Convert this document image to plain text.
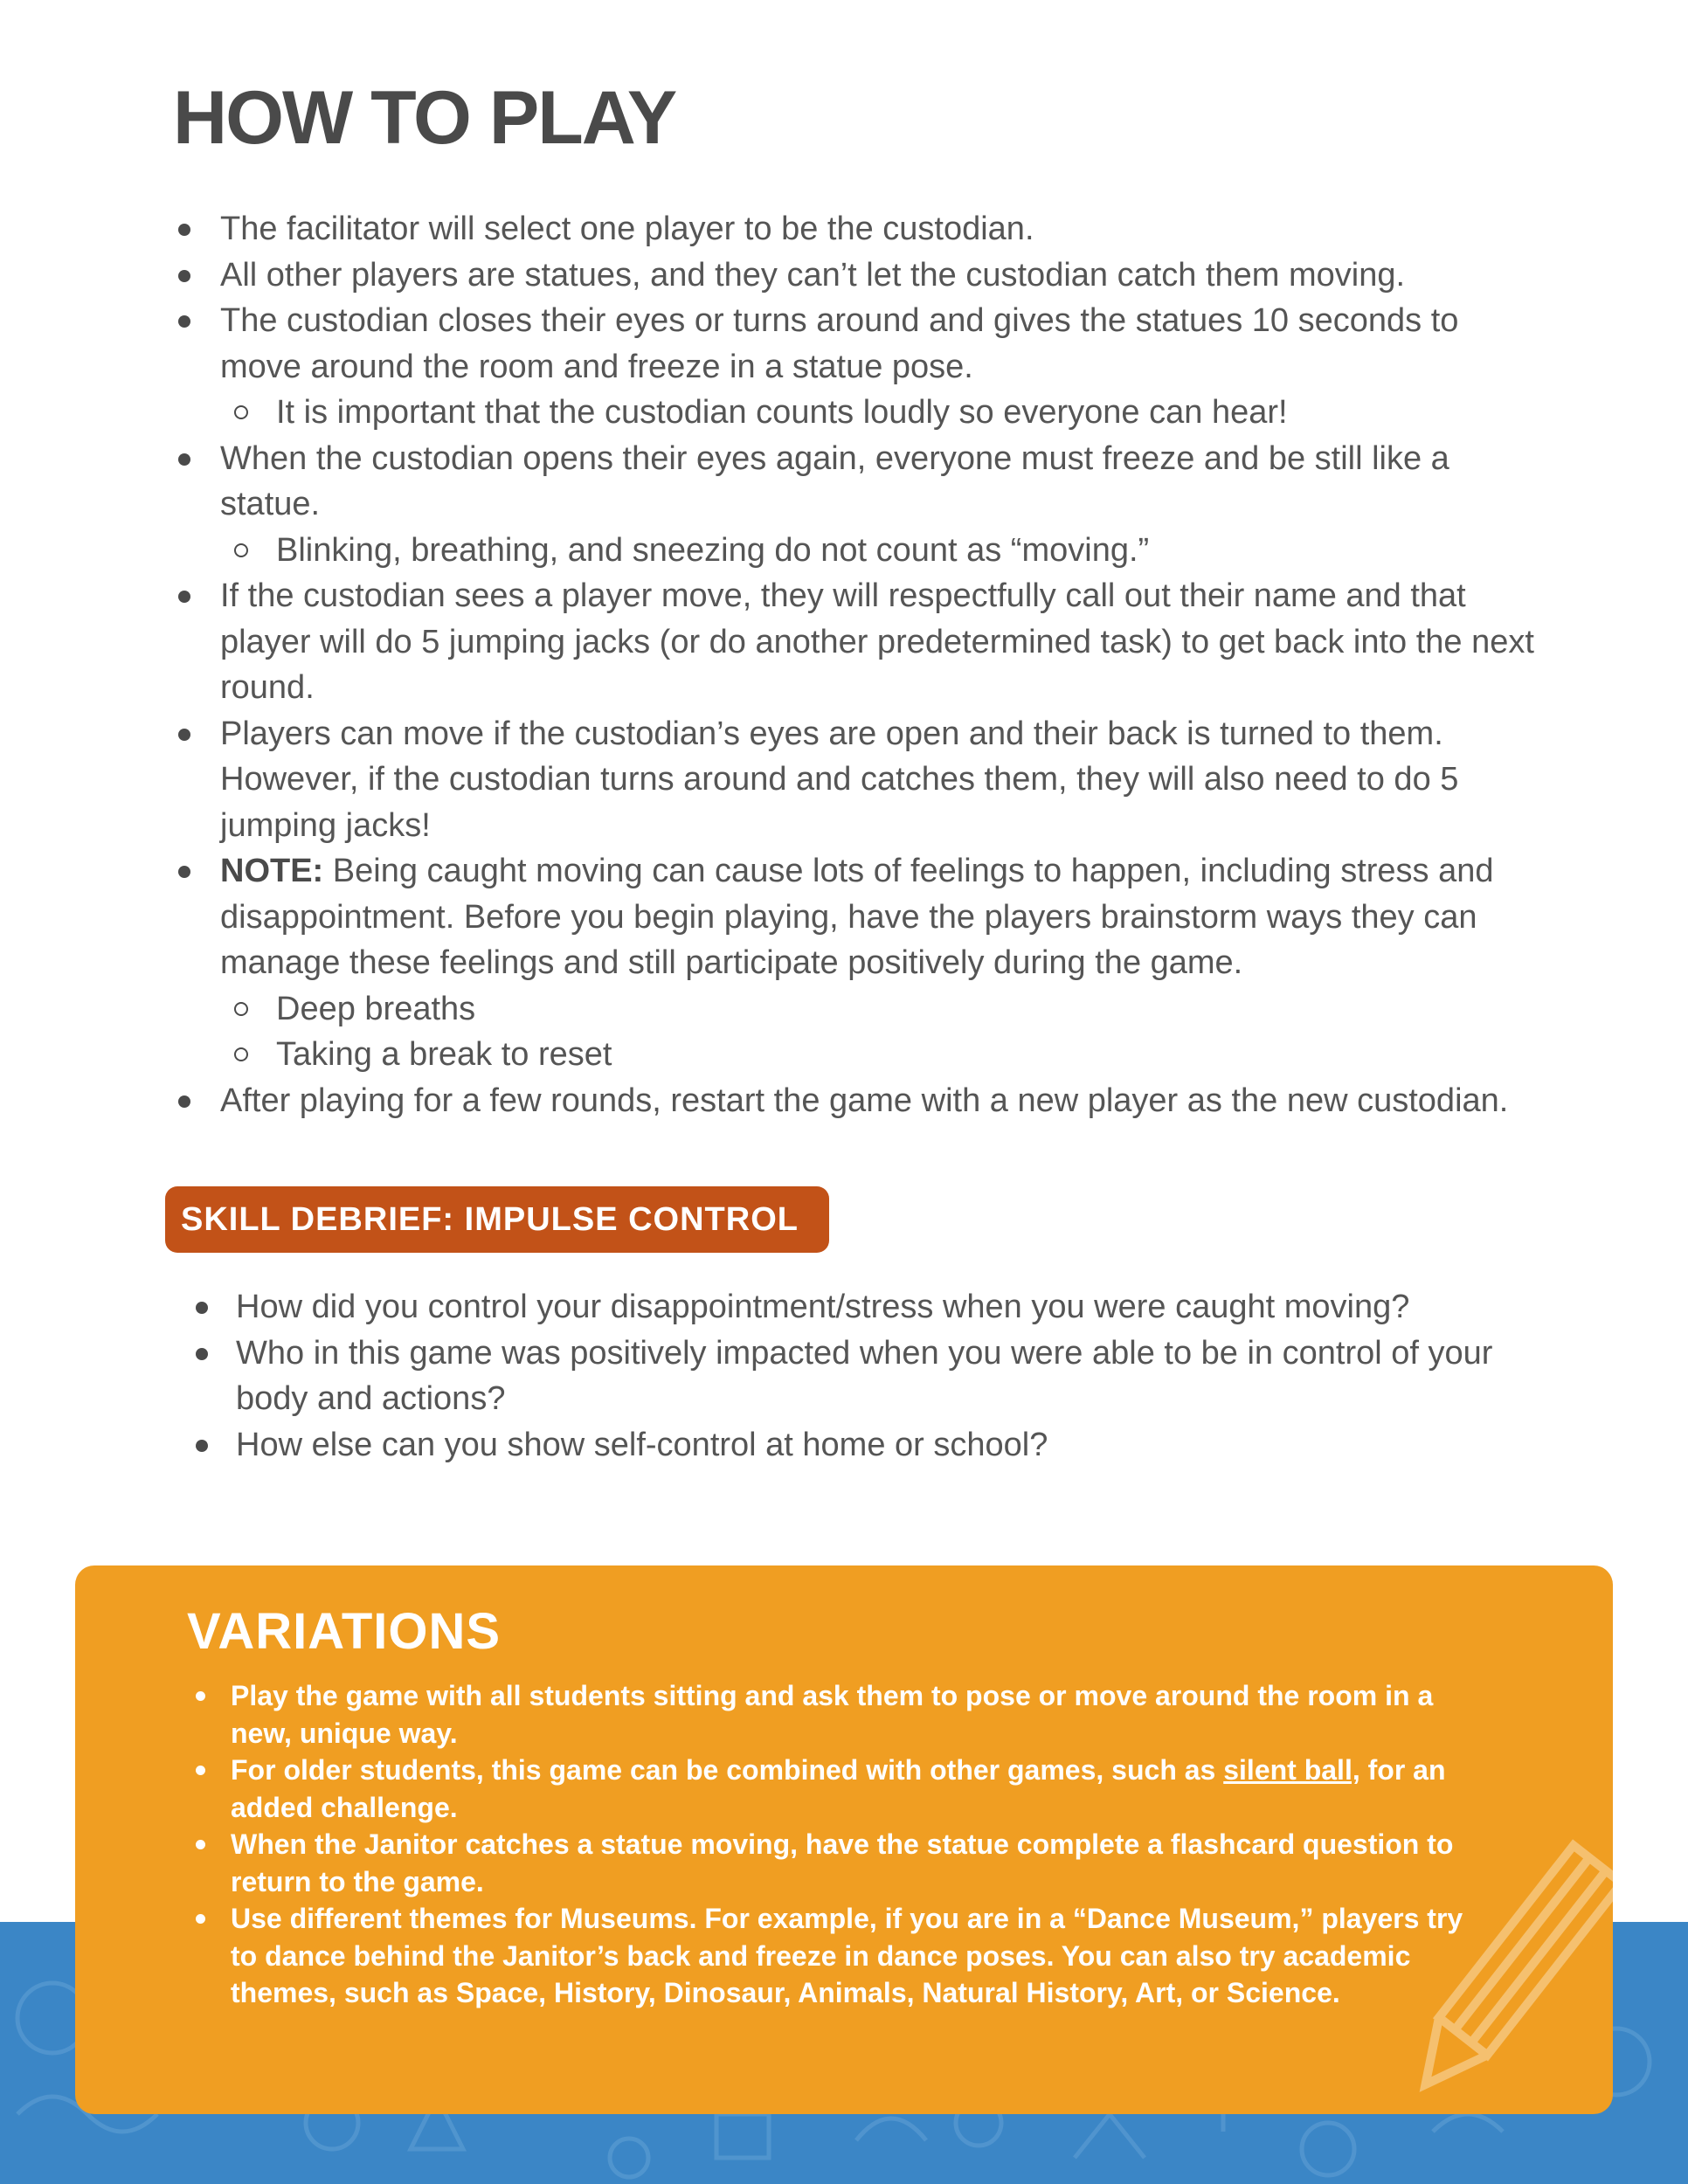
HOW TO PLAY
The facilitator will select one player to be the custodian.
All other players are statues, and they can’t let the custodian catch them moving.
The custodian closes their eyes or turns around and gives the statues 10 seconds to move around the room and freeze in a statue pose.
It is important that the custodian counts loudly so everyone can hear!
When the custodian opens their eyes again, everyone must freeze and be still like a statue.
Blinking, breathing, and sneezing do not count as “moving.”
If the custodian sees a player move, they will respectfully call out their name and that player will do 5 jumping jacks (or do another predetermined task) to get back into the next round.
Players can move if the custodian’s eyes are open and their back is turned to them. However, if the custodian turns around and catches them, they will also need to do 5 jumping jacks!
NOTE: Being caught moving can cause lots of feelings to happen, including stress and disappointment. Before you begin playing, have the players brainstorm ways they can manage these feelings and still participate positively during the game.
Deep breaths
Taking a break to reset
After playing for a few rounds, restart the game with a new player as the new custodian.
SKILL DEBRIEF: IMPULSE CONTROL
How did you control your disappointment/stress when you were caught moving?
Who in this game was positively impacted when you were able to be in control of your body and actions?
How else can you show self-control at home or school?
VARIATIONS
Play the game with all students sitting and ask them to pose or move around the room in a new, unique way.
For older students, this game can be combined with other games, such as silent ball, for an added challenge.
When the Janitor catches a statue moving, have the statue complete a flashcard question to return to the game.
Use different themes for Museums. For example, if you are in a “Dance Museum,” players try to dance behind the Janitor’s back and freeze in dance poses. You can also try academic themes, such as Space, History, Dinosaur, Animals, Natural History, Art, or Science.
